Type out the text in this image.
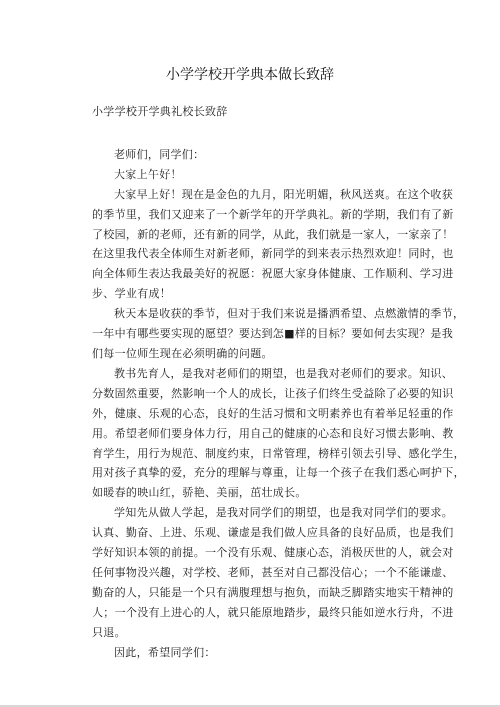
小学学校开学典本做长致辞
小学学校开学典礼校长致辞
老师们，同学们：
大家上午好！
大家早上好！现在是金色的九月，阳光明媚，秋风送爽。在这个收获
的季节里，我们又迎来了一个新学年的开学典礼。新的学期，我们有了新
了校园，新的老师，还有新的同学，从此，我们就是一家人，一家亲了！
在这里我代表全体师生对新老师，新同学的到来表示热烈欢迎！同时，也
向全体师生表达我最美好的祝愿：祝愿大家身体健康、工作顺利、学习进
步、学业有成！
秋天本是收获的季节，但对于我们来说是播洒希望、点燃激情的季节，
一年中有哪些要实现的愿望？要达到怎■样的目标？要如何去实现？是我
们每一位师生现在必须明确的问题。
教书先育人，是我对老师们的期望，也是我对老师们的要求。知识、
分数固然重要，然影响一个人的成长，让孩子们终生受益除了必要的知识
外，健康、乐观的心态，良好的生活习惯和文明素养也有着举足轻重的作
用。希望老师们要身体力行，用自己的健康的心态和良好习惯去影响、教
育学生，用行为规范、制度约束，日常管理，榜样引领去引导、感化学生，
用对孩子真挚的爱，充分的理解与尊重，让每一个孩子在我们悉心呵护下，
如暖春的映山红，骄艳、美丽，茁壮成长。
学知先从做人学起，是我对同学们的期望，也是我对同学们的要求。
认真、勤奋、上进、乐观、谦虚是我们做人应具备的良好品质，也是我们
学好知识本领的前提。一个没有乐观、健康心态，消极厌世的人，就会对
任何事物没兴趣，对学校、老师，甚至对自己都没信心；一个不能谦虚、
勤奋的人，只能是一个只有满腹理想与抱负，而缺乏脚踏实地实干精神的
人；一个没有上进心的人，就只能原地踏步，最终只能如逆水行舟，不进
只退。
因此，希望同学们：
